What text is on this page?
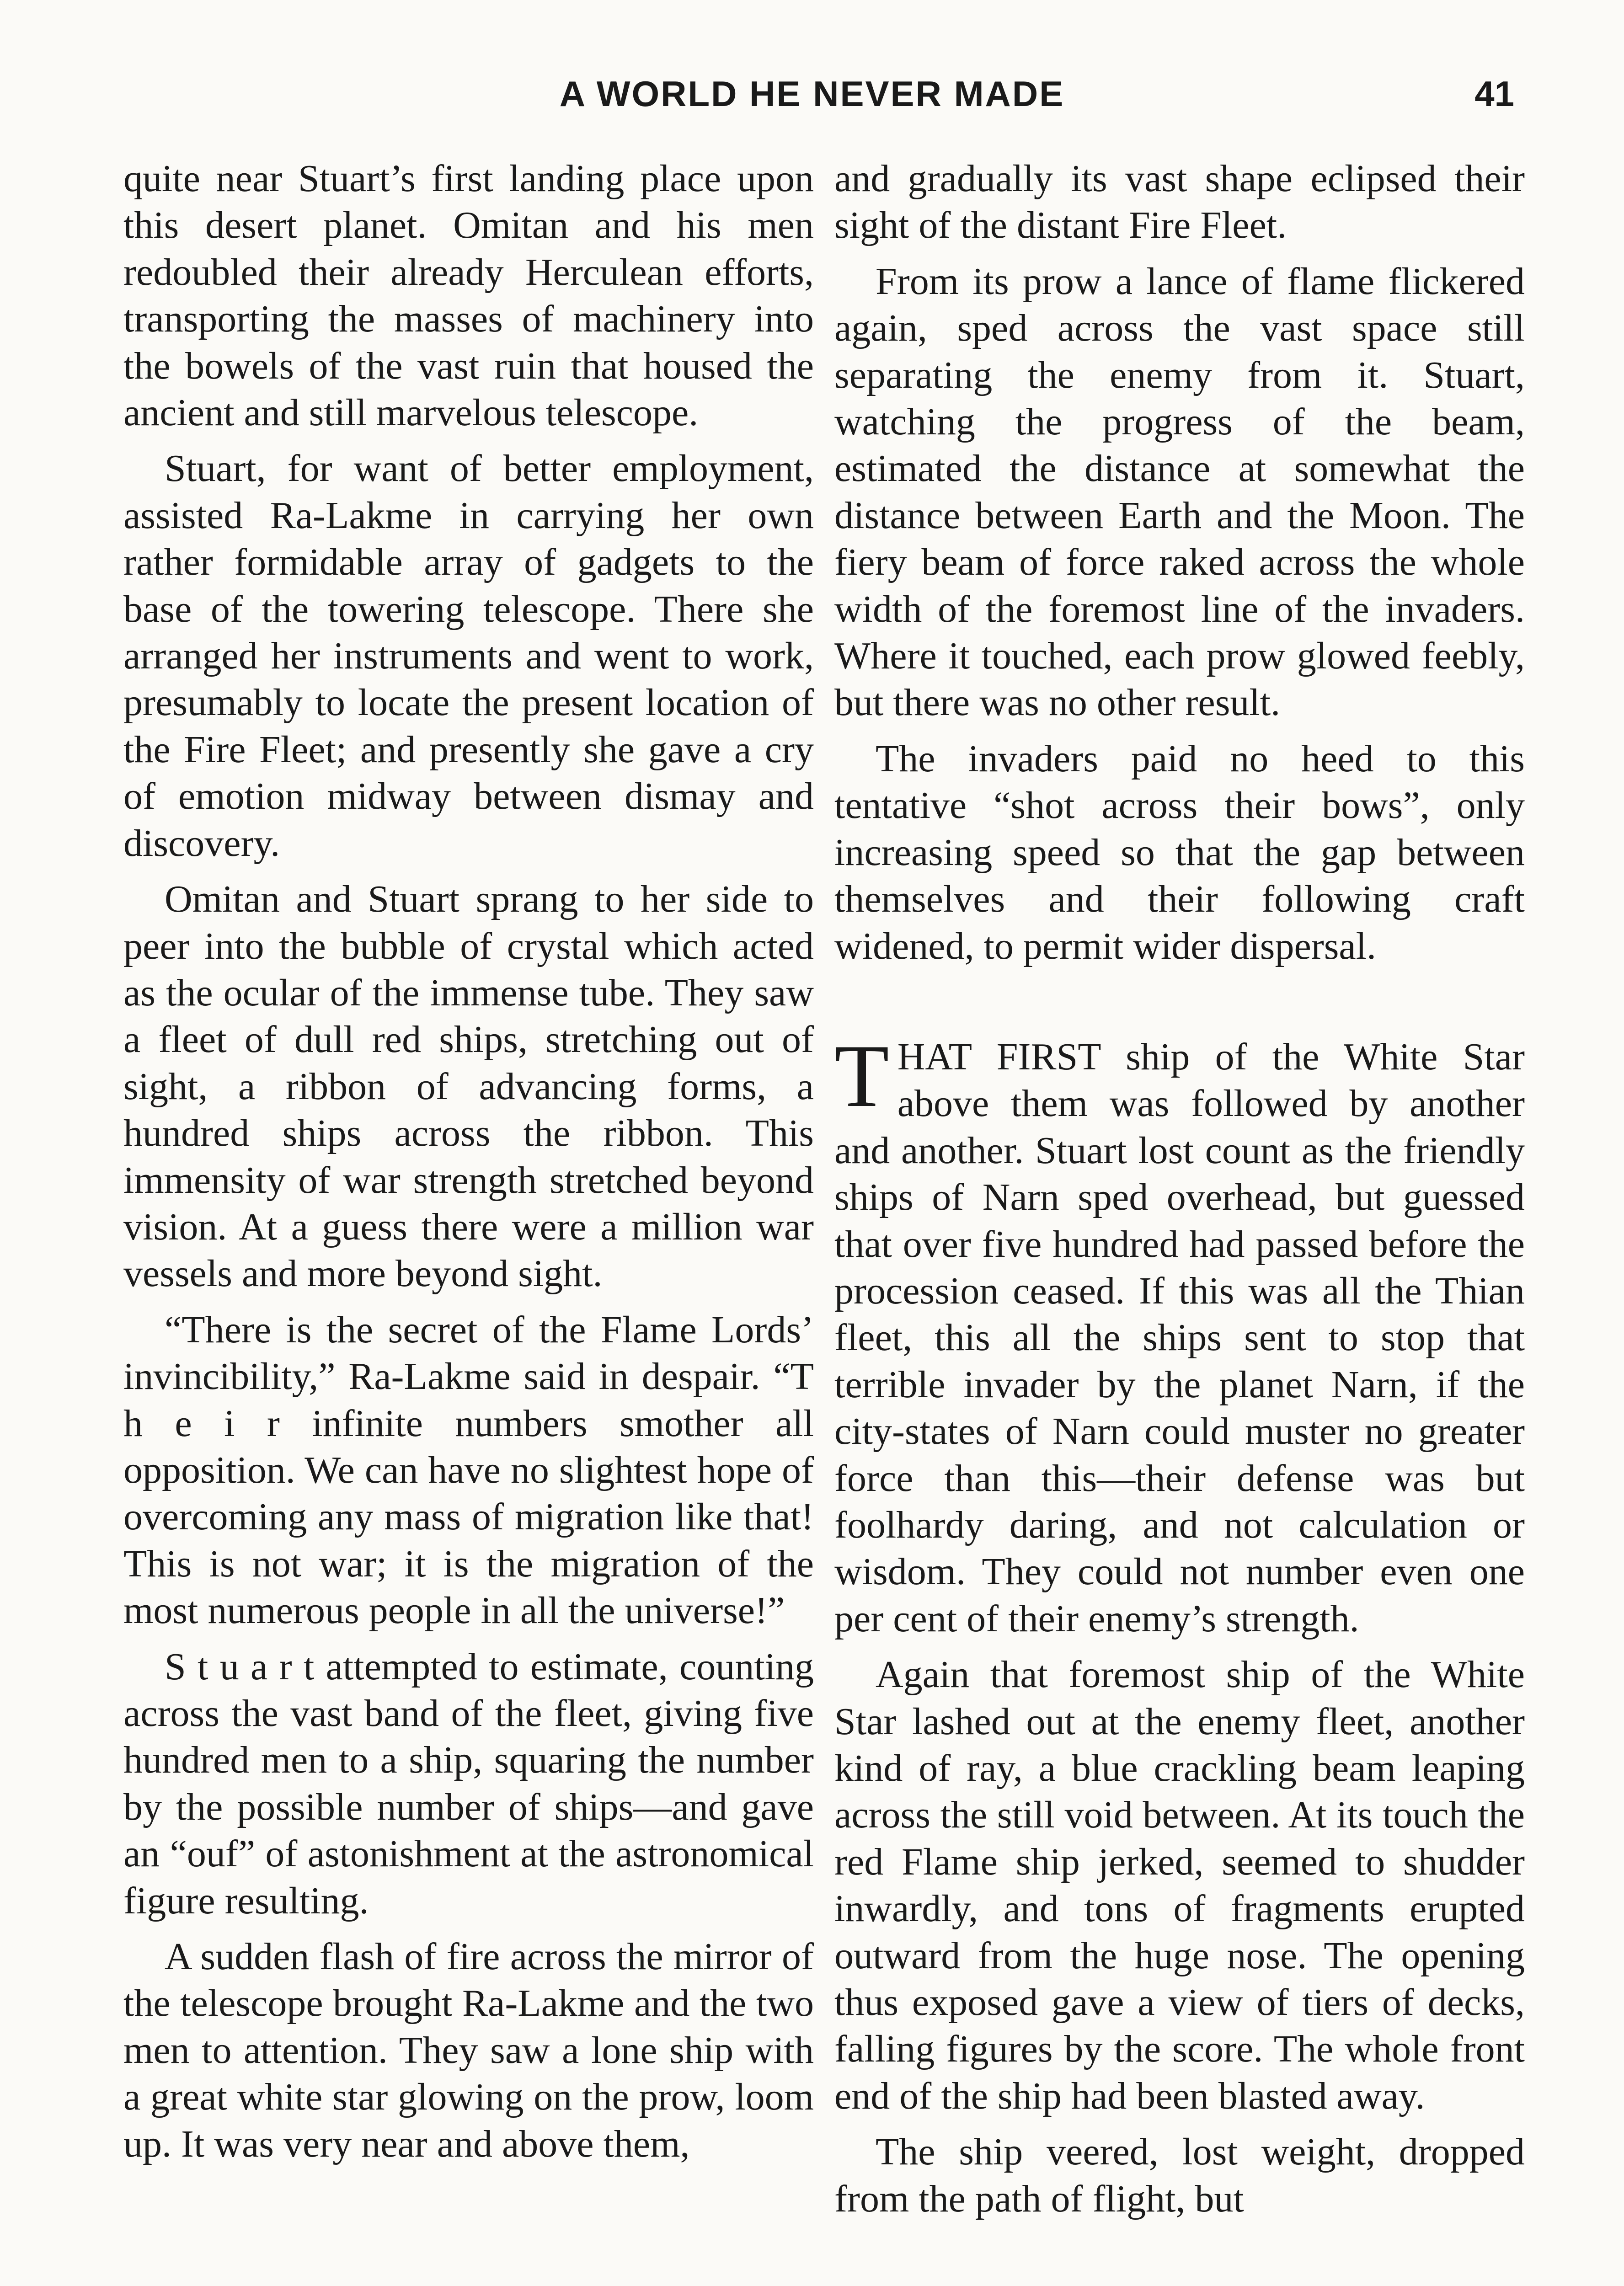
A WORLD HE NEVER MADE	41

quite near Stuart’s first landing place upon this desert planet. Omitan and his men redoubled their already Herculean efforts, transporting the masses of machinery into the bowels of the vast ruin that housed the ancient and still marvelous telescope.

Stuart, for want of better employment, assisted Ra-Lakme in carrying her own rather formidable array of gadgets to the base of the towering telescope. There she arranged her instruments and went to work, presumably to locate the present location of the Fire Fleet; and presently she gave a cry of emotion midway between dismay and discovery.

Omitan and Stuart sprang to her side to peer into the bubble of crystal which acted as the ocular of the immense tube. They saw a fleet of dull red ships, stretching out of sight, a ribbon of advancing forms, a hundred ships across the ribbon. This immensity of war strength stretched beyond vision. At a guess there were a million war vessels and more beyond sight.

“There is the secret of the Flame Lords’ invincibility,” Ra-Lakme said in despair. “T h e i r infinite numbers smother all opposition. We can have no slightest hope of overcoming any mass of migration like that! This is not war; it is the migration of the most numerous people in all the universe!”

S t u a r t attempted to estimate, counting across the vast band of the fleet, giving five hundred men to a ship, squaring the number by the possible number of ships—and gave an “ouf” of astonishment at the astronomical figure resulting.

A sudden flash of fire across the mirror of the telescope brought Ra-Lakme and the two men to attention. They saw a lone ship with a great white star glowing on the prow, loom up. It was very near and above them,

and gradually its vast shape eclipsed their sight of the distant Fire Fleet.

From its prow a lance of flame flickered again, sped across the vast space still separating the enemy from it. Stuart, watching the progress of the beam, estimated the distance at somewhat the distance between Earth and the Moon. The fiery beam of force raked across the whole width of the foremost line of the invaders. Where it touched, each prow glowed feebly, but there was no other result.

The invaders paid no heed to this tentative “shot across their bows”, only increasing speed so that the gap between themselves and their following craft widened, to permit wider dispersal.

THAT FIRST ship of the White Star above them was followed by another and another. Stuart lost count as the friendly ships of Narn sped overhead, but guessed that over five hundred had passed before the procession ceased. If this was all the Thian fleet, this all the ships sent to stop that terrible invader by the planet Narn, if the city-states of Narn could muster no greater force than this—their defense was but foolhardy daring, and not calculation or wisdom. They could not number even one per cent of their enemy’s strength.

Again that foremost ship of the White Star lashed out at the enemy fleet, another kind of ray, a blue crackling beam leaping across the still void between. At its touch the red Flame ship jerked, seemed to shudder inwardly, and tons of fragments erupted outward from the huge nose. The opening thus exposed gave a view of tiers of decks, falling figures by the score. The whole front end of the ship had been blasted away.

The ship veered, lost weight, dropped from the path of flight, but
